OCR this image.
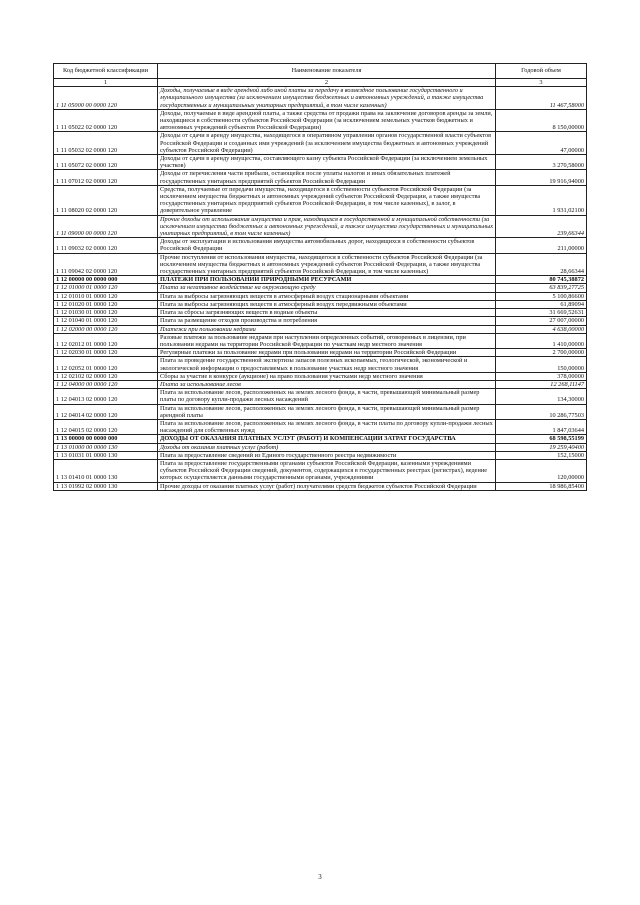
Код бюджетной классификации	Наименование показателя	Годовой объем
1	2	3
1 11 05000 00 0000 120	Доходы, получаемые в виде арендной либо иной платы за передачу в возмездное пользование государственного и муниципального имущества (за исключением имущества бюджетных и автономных учреждений, а также имущества государственных и муниципальных унитарных предприятий, в том числе казенных)	11 467,58000
1 11 05022 02 0000 120	Доходы, получаемые в виде арендной платы, а также средства от продажи права на заключение договоров аренды за земли, находящиеся в собственности субъектов Российской Федерации (за исключением земельных участков бюджетных и автономных учреждений субъектов Российской Федерации)	8 150,00000
1 11 05032 02 0000 120	Доходы от сдачи в аренду имущества, находящегося в оперативном управлении органов государственной власти субъектов Российской Федерации и созданных ими учреждений (за исключением имущества бюджетных и автономных учреждений субъектов Российской Федерации)	47,00000
1 11 05072 02 0000 120	Доходы от сдачи в аренду имущества, составляющего казну субъекта Российской Федерации (за исключением земельных участков)	3 270,58000
1 11 07012 02 0000 120	Доходы от перечисления части прибыли, остающейся после уплаты налогов и иных обязательных платежей государственных унитарных предприятий субъектов Российской Федерации	19 916,94000
1 11 08020 02 0000 120	Средства, получаемые от передачи имущества, находящегося в собственности субъектов Российской Федерации (за исключением имущества бюджетных и автономных учреждений субъектов Российской Федерации, а также имущества государственных унитарных предприятий субъектов Российской Федерации, в том числе казенных), в залог, в доверительное управление	1 931,02100
1 11 09000 00 0000 120	Прочие доходы от использования имущества и прав, находящихся в государственной и муниципальной собственности (за исключением имущества бюджетных и автономных учреждений, а также имущества государственных и муниципальных унитарных предприятий, в том числе казенных)	239,66344
1 11 09032 02 0000 120	Доходы от эксплуатации и использования имущества автомобильных дорог, находящихся в собственности субъектов Российской Федерации	211,00000
1 11 09042 02 0000 120	Прочие поступления от использования имущества, находящегося в собственности субъектов Российской Федерации (за исключением имущества бюджетных и автономных учреждений субъектов Российской Федерации, а также имущества государственных унитарных предприятий субъектов Российской Федерации, в том числе казенных)	28,66344
1 12 00000 00 0000 000	ПЛАТЕЖИ ПРИ ПОЛЬЗОВАНИИ ПРИРОДНЫМИ РЕСУРСАМИ	80 745,38872
1 12 01000 01 0000 120	Плата за негативное воздействие на окружающую среду	63 839,27725
1 12 01010 01 0000 120	Плата за выбросы загрязняющих веществ в атмосферный воздух стационарными объектами	5 100,86600
1 12 01020 01 0000 120	Плата за выбросы загрязняющих веществ в атмосферный воздух передвижными объектами	61,89094
1 12 01030 01 0000 120	Плата за сбросы загрязняющих веществ в водные объекты	31 669,52631
1 12 01040 01 0000 120	Плата за размещение отходов производства и потребления	27 007,00000
1 12 02000 00 0000 120	Платежи при пользовании недрами	4 638,00000
1 12 02012 01 0000 120	Разовые платежи за пользование недрами при наступлении определенных событий, оговоренных в лицензии, при пользовании недрами на территории Российской Федерации по участкам недр местного значения	1 410,00000
1 12 02030 01 0000 120	Регулярные платежи за пользование недрами при пользовании недрами на территории Российской Федерации	2 700,00000
1 12 02052 01 0000 120	Плата за проведение государственной экспертизы запасов полезных ископаемых, геологической, экономической и экологической информации о предоставляемых в пользование участках недр местного значения	150,00000
1 12 02102 02 0000 120	Сборы за участие в конкурсе (аукционе) на право пользования участками недр местного значения	378,00000
1 12 04000 00 0000 120	Плата за использование лесов	12 268,11147
1 12 04013 02 0000 120	Плата за использование лесов, расположенных на землях лесного фонда, в части, превышающей минимальный размер платы по договору купли-продажи лесных насаждений	134,30000
1 12 04014 02 0000 120	Плата за использование лесов, расположенных на землях лесного фонда, в части, превышающей минимальный размер арендной платы	10 286,77503
1 12 04015 02 0000 120	Плата за использование лесов, расположенных на землях лесного фонда, в части платы по договору купли-продажи лесных насаждений для собственных нужд	1 847,03644
1 13 00000 00 0000 000	ДОХОДЫ ОТ ОКАЗАНИЯ ПЛАТНЫХ УСЛУГ (РАБОТ) И КОМПЕНСАЦИИ ЗАТРАТ ГОСУДАРСТВА	68 598,55199
1 13 01000 00 0000 130	Доходы от оказания платных услуг (работ)	19 259,40400
1 13 01031 01 0000 130	Плата за предоставление сведений из Единого государственного реестра недвижимости	152,15000
1 13 01410 01 0000 130	Плата за предоставление государственными органами субъектов Российской Федерации, казенными учреждениями субъектов Российской Федерации сведений, документов, содержащихся в государственных реестрах (регистрах), ведение которых осуществляется данными государственными органами, учреждениями	120,00000
1 13 01992 02 0000 130	Прочие доходы от оказания платных услуг (работ) получателями средств бюджетов субъектов Российской Федерации	18 986,85400
3
